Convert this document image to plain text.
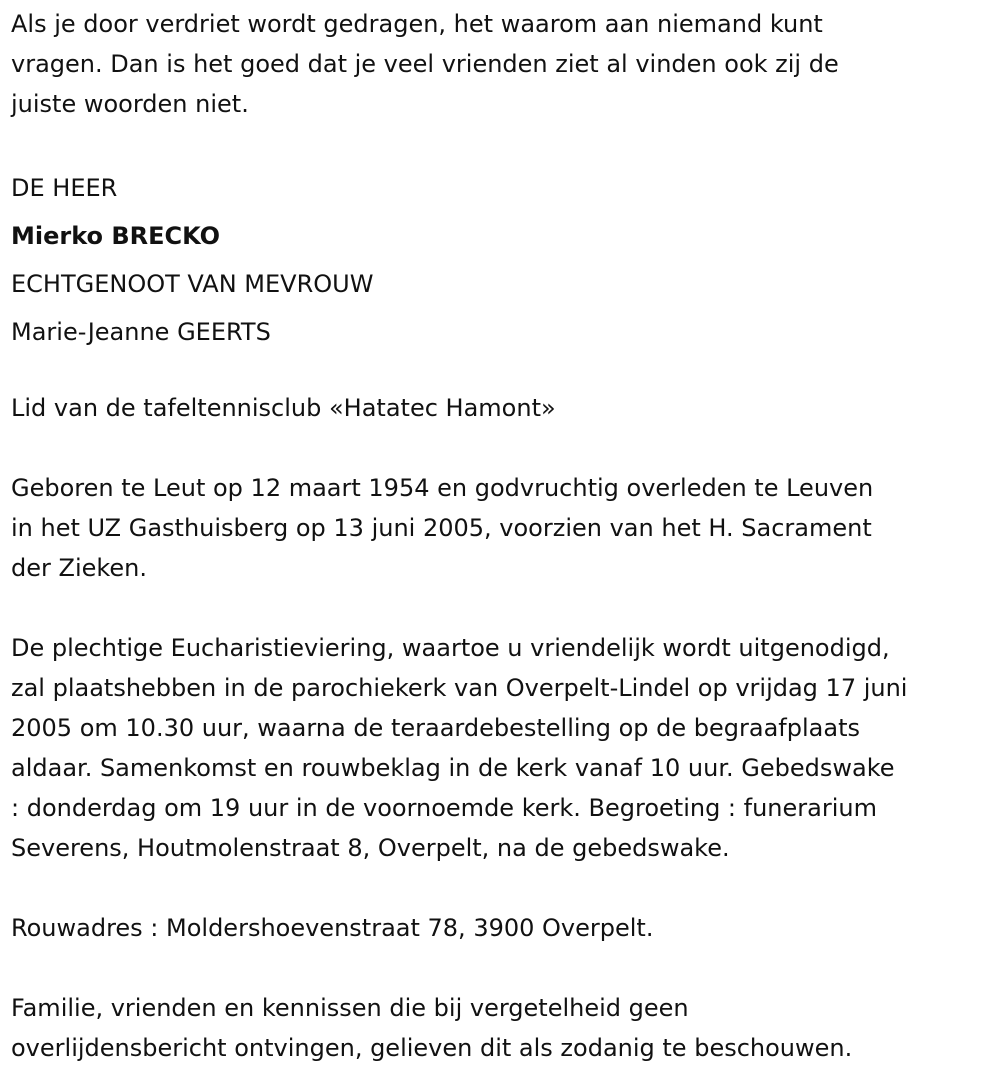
Als je door verdriet wordt gedragen, het waarom aan niemand kunt
vragen. Dan is het goed dat je veel vrienden ziet al vinden ook zij de
juiste woorden niet.
DE HEER
Mierko BRECKO
ECHTGENOOT VAN MEVROUW
Marie-Jeanne GEERTS

Lid van de tafeltennisclub «Hatatec Hamont»

Geboren te Leut op 12 maart 1954 en godvruchtig overleden te Leuven
in het UZ Gasthuisberg op 13 juni 2005, voorzien van het H. Sacrament
der Zieken.
De plechtige Eucharistieviering, waartoe u vriendelijk wordt uitgenodigd,
zal plaatshebben in de parochiekerk van Overpelt-Lindel op vrijdag 17 juni
2005 om 10.30 uur, waarna de teraardebestelling op de begraafplaats
aldaar. Samenkomst en rouwbeklag in de kerk vanaf 10 uur. Gebedswake
: donderdag om 19 uur in de voornoemde kerk. Begroeting : funerarium
Severens, Houtmolenstraat 8, Overpelt, na de gebedswake.

Rouwadres : Moldershoevenstraat 78, 3900 Overpelt.

Familie, vrienden en kennissen die bij vergetelheid geen
overlijdensbericht ontvingen, gelieven dit als zodanig te beschouwen.
